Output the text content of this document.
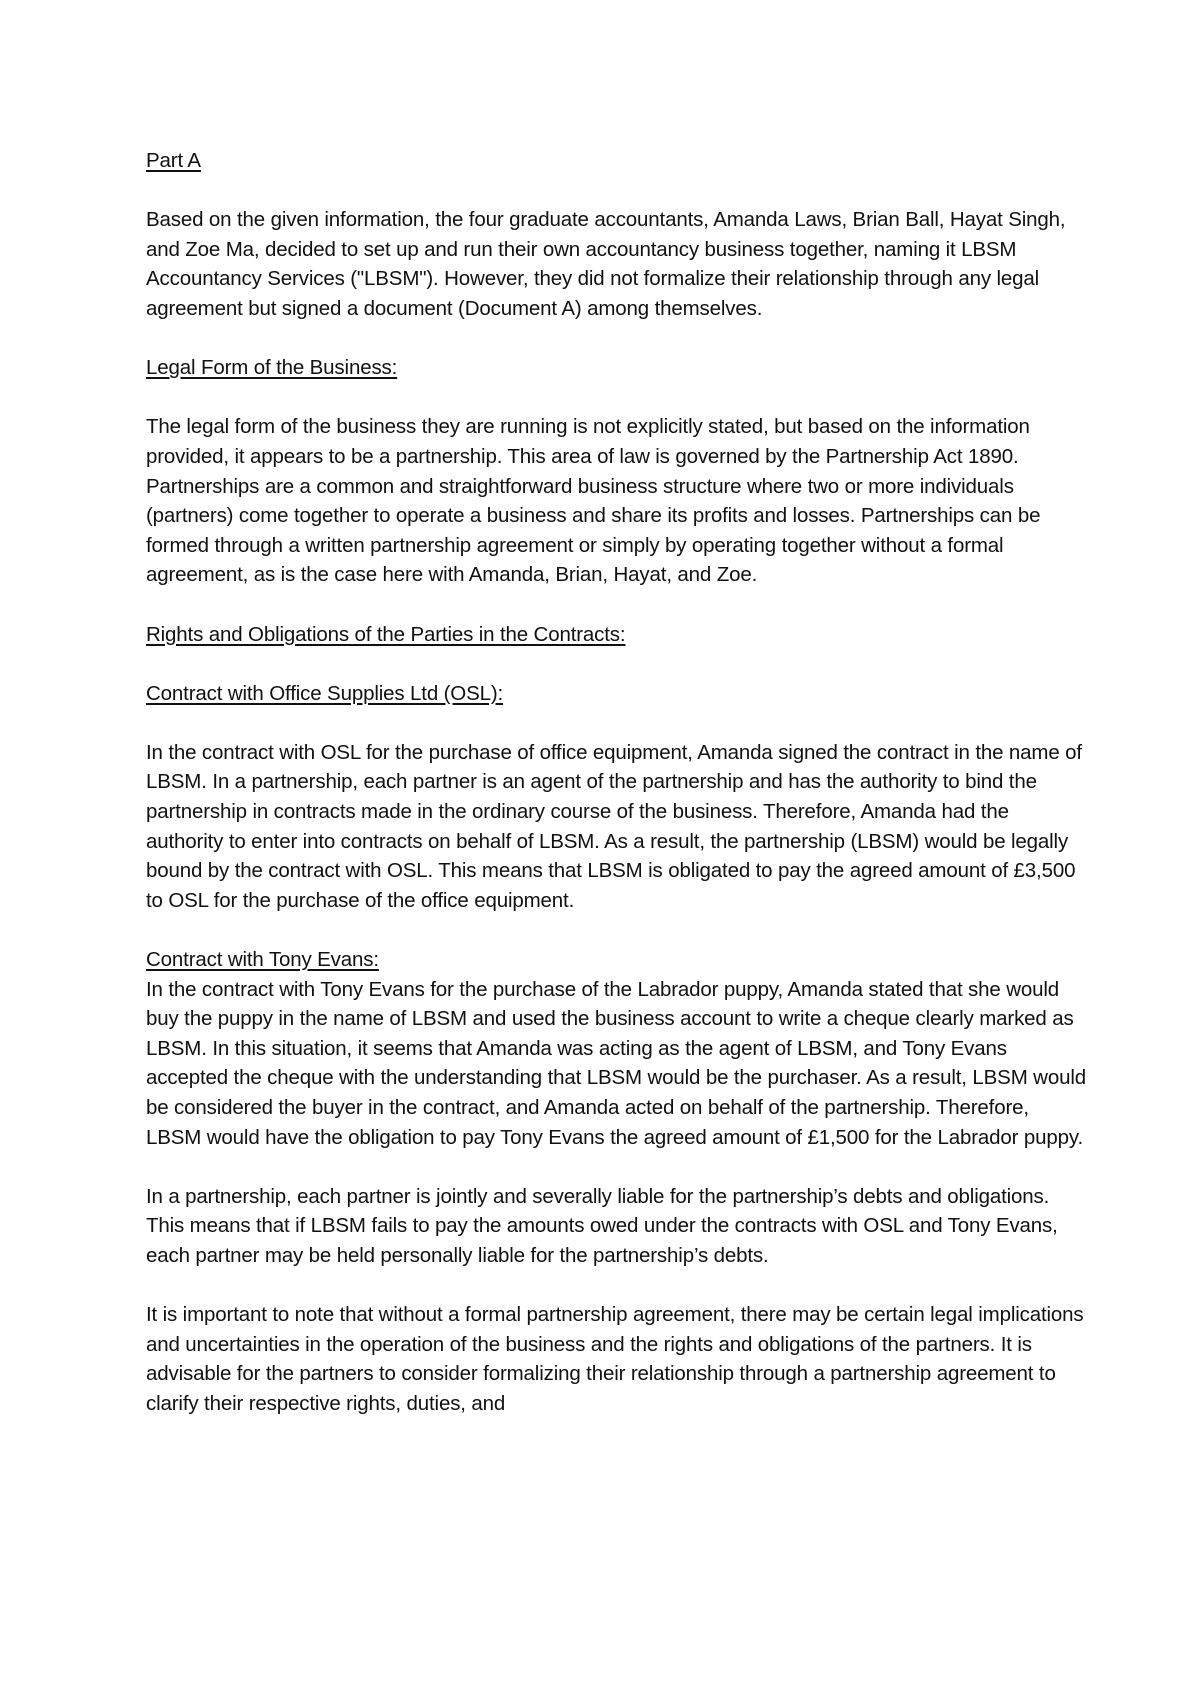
Part A

Based on the given information, the four graduate accountants, Amanda Laws, Brian Ball, Hayat Singh, and Zoe Ma, decided to set up and run their own accountancy business together, naming it LBSM Accountancy Services ("LBSM"). However, they did not formalize their relationship through any legal agreement but signed a document (Document A) among themselves.

Legal Form of the Business:

The legal form of the business they are running is not explicitly stated, but based on the information provided, it appears to be a partnership. This area of law is governed by the Partnership Act 1890. Partnerships are a common and straightforward business structure where two or more individuals (partners) come together to operate a business and share its profits and losses. Partnerships can be formed through a written partnership agreement or simply by operating together without a formal agreement, as is the case here with Amanda, Brian, Hayat, and Zoe.

Rights and Obligations of the Parties in the Contracts:

Contract with Office Supplies Ltd (OSL):

In the contract with OSL for the purchase of office equipment, Amanda signed the contract in the name of LBSM. In a partnership, each partner is an agent of the partnership and has the authority to bind the partnership in contracts made in the ordinary course of the business. Therefore, Amanda had the authority to enter into contracts on behalf of LBSM. As a result, the partnership (LBSM) would be legally bound by the contract with OSL. This means that LBSM is obligated to pay the agreed amount of £3,500 to OSL for the purchase of the office equipment.

Contract with Tony Evans:

In the contract with Tony Evans for the purchase of the Labrador puppy, Amanda stated that she would buy the puppy in the name of LBSM and used the business account to write a cheque clearly marked as LBSM. In this situation, it seems that Amanda was acting as the agent of LBSM, and Tony Evans accepted the cheque with the understanding that LBSM would be the purchaser. As a result, LBSM would be considered the buyer in the contract, and Amanda acted on behalf of the partnership. Therefore, LBSM would have the obligation to pay Tony Evans the agreed amount of £1,500 for the Labrador puppy.

In a partnership, each partner is jointly and severally liable for the partnership’s debts and obligations. This means that if LBSM fails to pay the amounts owed under the contracts with OSL and Tony Evans, each partner may be held personally liable for the partnership’s debts.

It is important to note that without a formal partnership agreement, there may be certain legal implications and uncertainties in the operation of the business and the rights and obligations of the partners. It is advisable for the partners to consider formalizing their relationship through a partnership agreement to clarify their respective rights, duties, and
